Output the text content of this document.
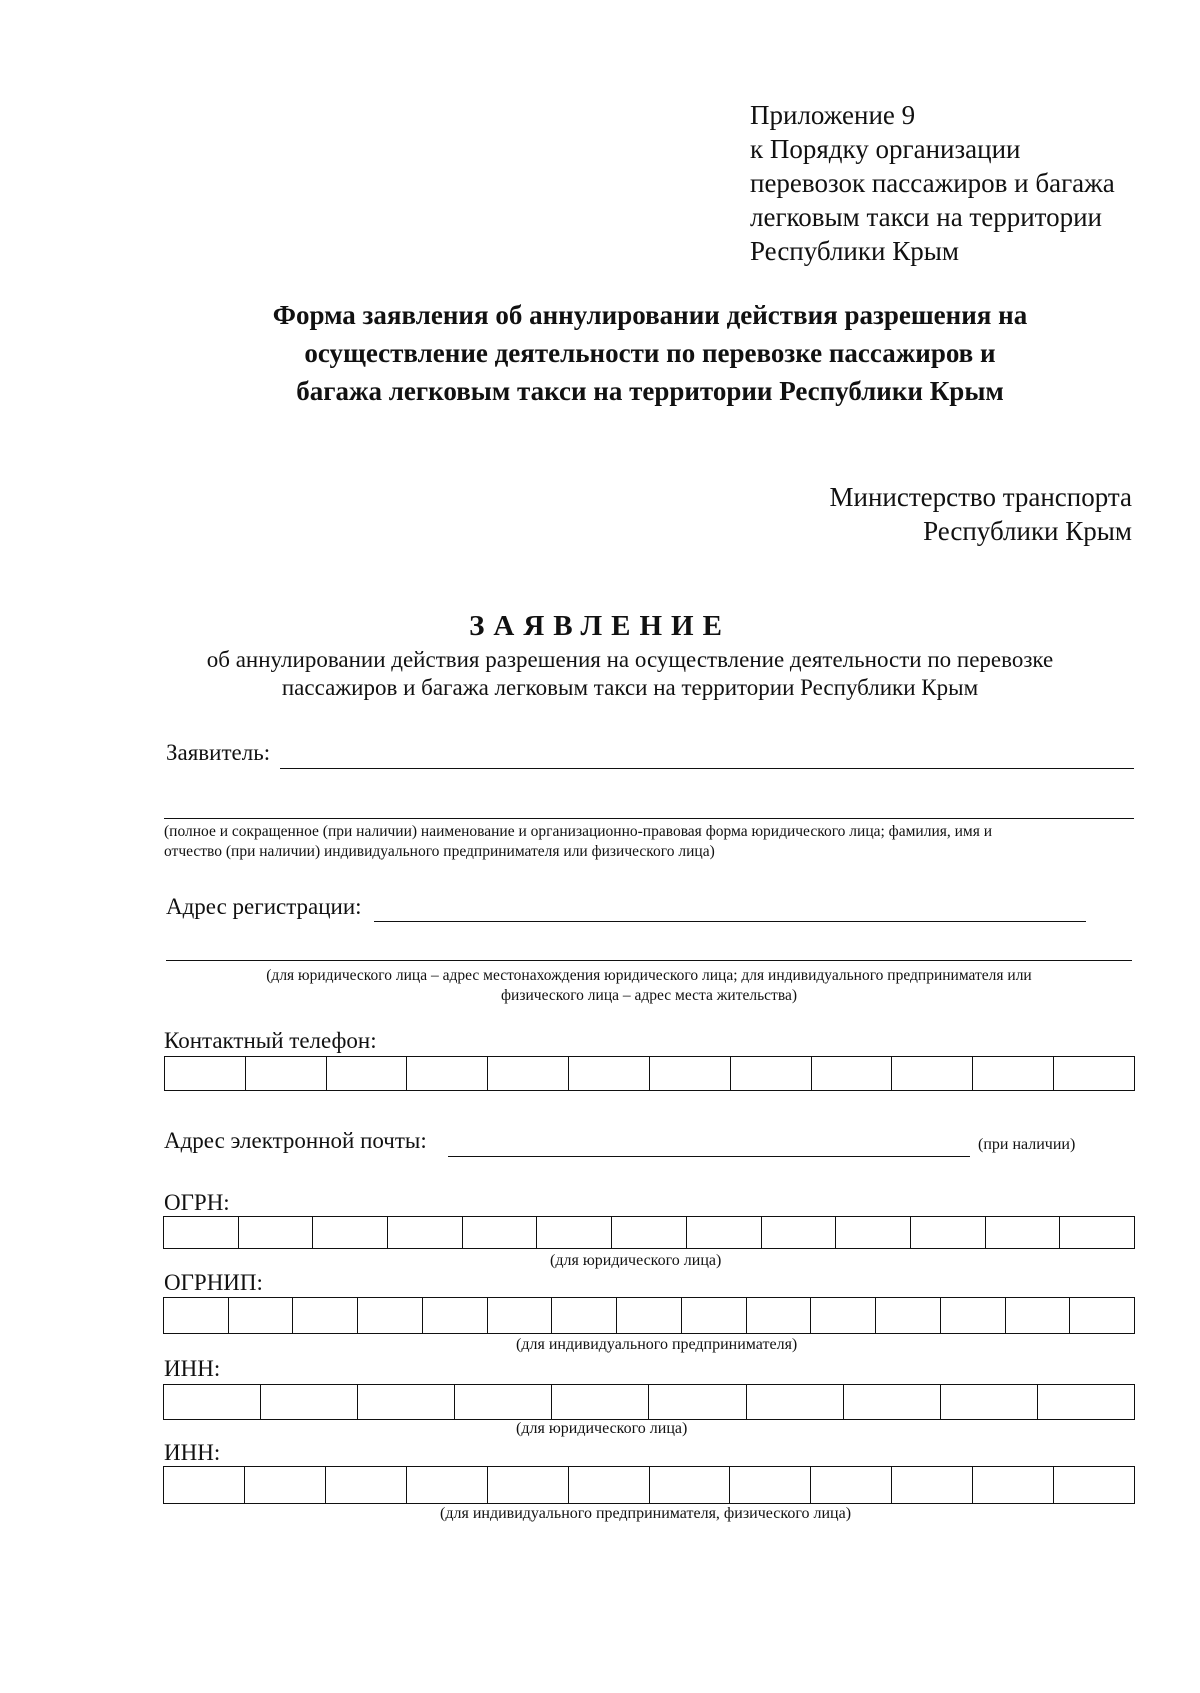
Приложение 9
к Порядку организации
перевозок пассажиров и багажа
легковым такси на территории
Республики Крым
Форма заявления об аннулировании действия разрешения на
осуществление деятельности по перевозке пассажиров и
багажа легковым такси на территории Республики Крым
Министерство транспорта
Республики Крым
ЗАЯВЛЕНИЕ
об аннулировании действия разрешения на осуществление деятельности по перевозке
пассажиров и багажа легковым такси на территории Республики Крым
Заявитель:
(полное и сокращенное (при наличии) наименование и организационно-правовая форма юридического лица; фамилия, имя и
отчество (при наличии) индивидуального предпринимателя или физического лица)
Адрес регистрации:
(для юридического лица – адрес местонахождения юридического лица; для индивидуального предпринимателя или
физического лица – адрес места жительства)
Контактный телефон:
Адрес электронной почты:	(при наличии)
ОГРН:
(для юридического лица)
ОГРНИП:
(для индивидуального предпринимателя)
ИНН:
(для юридического лица)
ИНН:
(для индивидуального предпринимателя, физического лица)
